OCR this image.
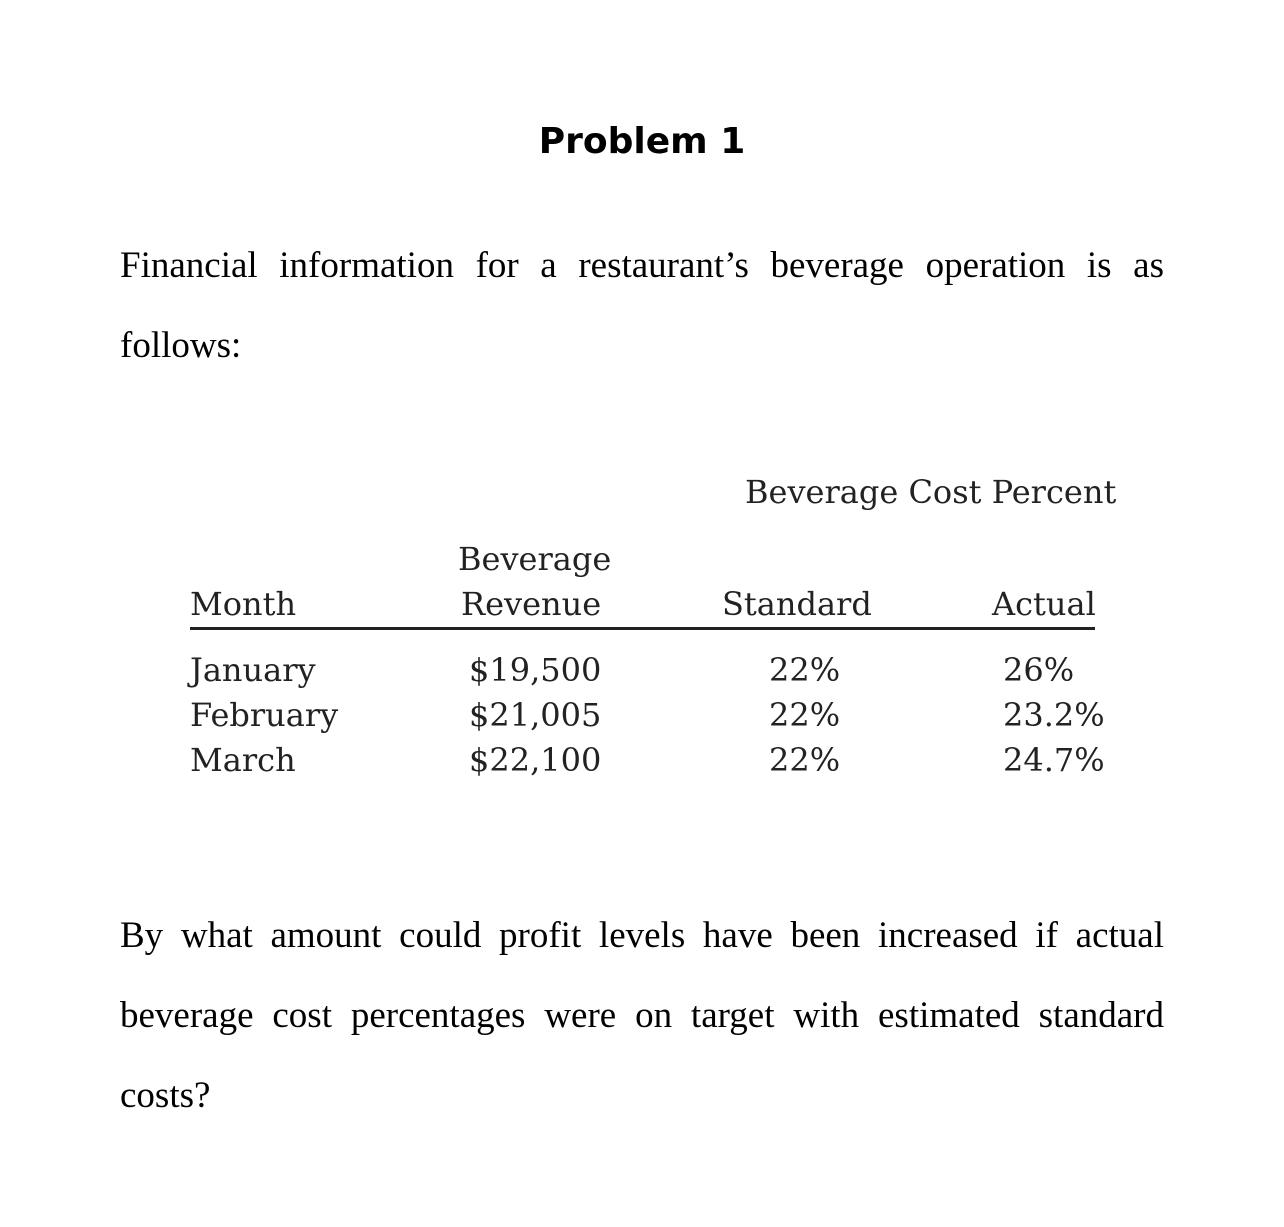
Problem 1
Financial information for a restaurant’s beverage operation is as follows:
Beverage Cost Percent
Beverage
Month	Revenue	Standard	Actual
January	$19,500	22%	26%
February	$21,005	22%	23.2%
March	$22,100	22%	24.7%
By what amount could profit levels have been increased if actual beverage cost percentages were on target with estimated standard costs?
